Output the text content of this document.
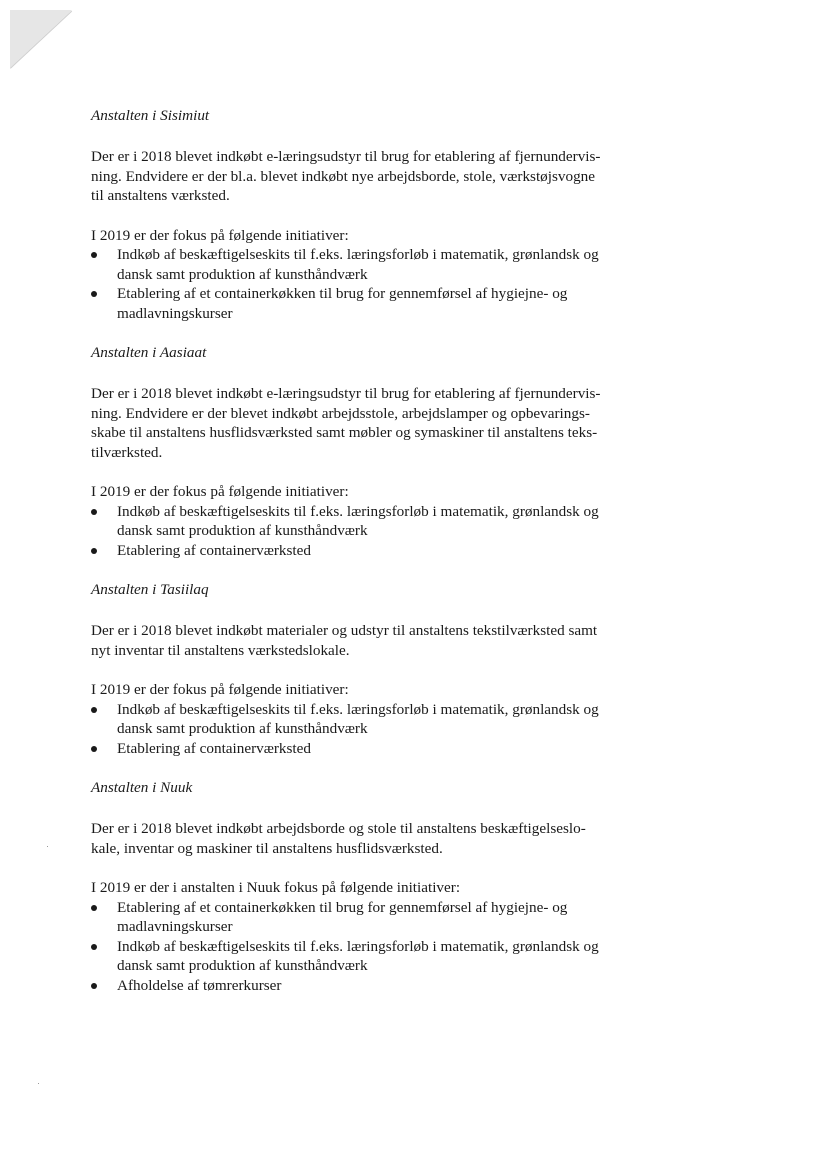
Anstalten i Sisimiut
Der er i 2018 blevet indkøbt e-læringsudstyr til brug for etablering af fjernundervis-
ning. Endvidere er der bl.a. blevet indkøbt nye arbejdsborde, stole, værkstøjsvogne
til anstaltens værksted.
I 2019 er der fokus på følgende initiativer:
Indkøb af beskæftigelseskits til f.eks. læringsforløb i matematik, grønlandsk og
dansk samt produktion af kunsthåndværk
Etablering af et containerkøkken til brug for gennemførsel af hygiejne- og
madlavningskurser
Anstalten i Aasiaat
Der er i 2018 blevet indkøbt e-læringsudstyr til brug for etablering af fjernundervis-
ning. Endvidere er der blevet indkøbt arbejdsstole, arbejdslamper og opbevarings-
skabe til anstaltens husflidsværksted samt møbler og symaskiner til anstaltens teks-
tilværksted.
I 2019 er der fokus på følgende initiativer:
Indkøb af beskæftigelseskits til f.eks. læringsforløb i matematik, grønlandsk og
dansk samt produktion af kunsthåndværk
Etablering af containerværksted
Anstalten i Tasiilaq
Der er i 2018 blevet indkøbt materialer og udstyr til anstaltens tekstilværksted samt
nyt inventar til anstaltens værkstedslokale.
I 2019 er der fokus på følgende initiativer:
Indkøb af beskæftigelseskits til f.eks. læringsforløb i matematik, grønlandsk og
dansk samt produktion af kunsthåndværk
Etablering af containerværksted
Anstalten i Nuuk
Der er i 2018 blevet indkøbt arbejdsborde og stole til anstaltens beskæftigelseslo-
kale, inventar og maskiner til anstaltens husflidsværksted.
I 2019 er der i anstalten i Nuuk fokus på følgende initiativer:
Etablering af et containerkøkken til brug for gennemførsel af hygiejne- og
madlavningskurser
Indkøb af beskæftigelseskits til f.eks. læringsforløb i matematik, grønlandsk og
dansk samt produktion af kunsthåndværk
Afholdelse af tømrerkurser
